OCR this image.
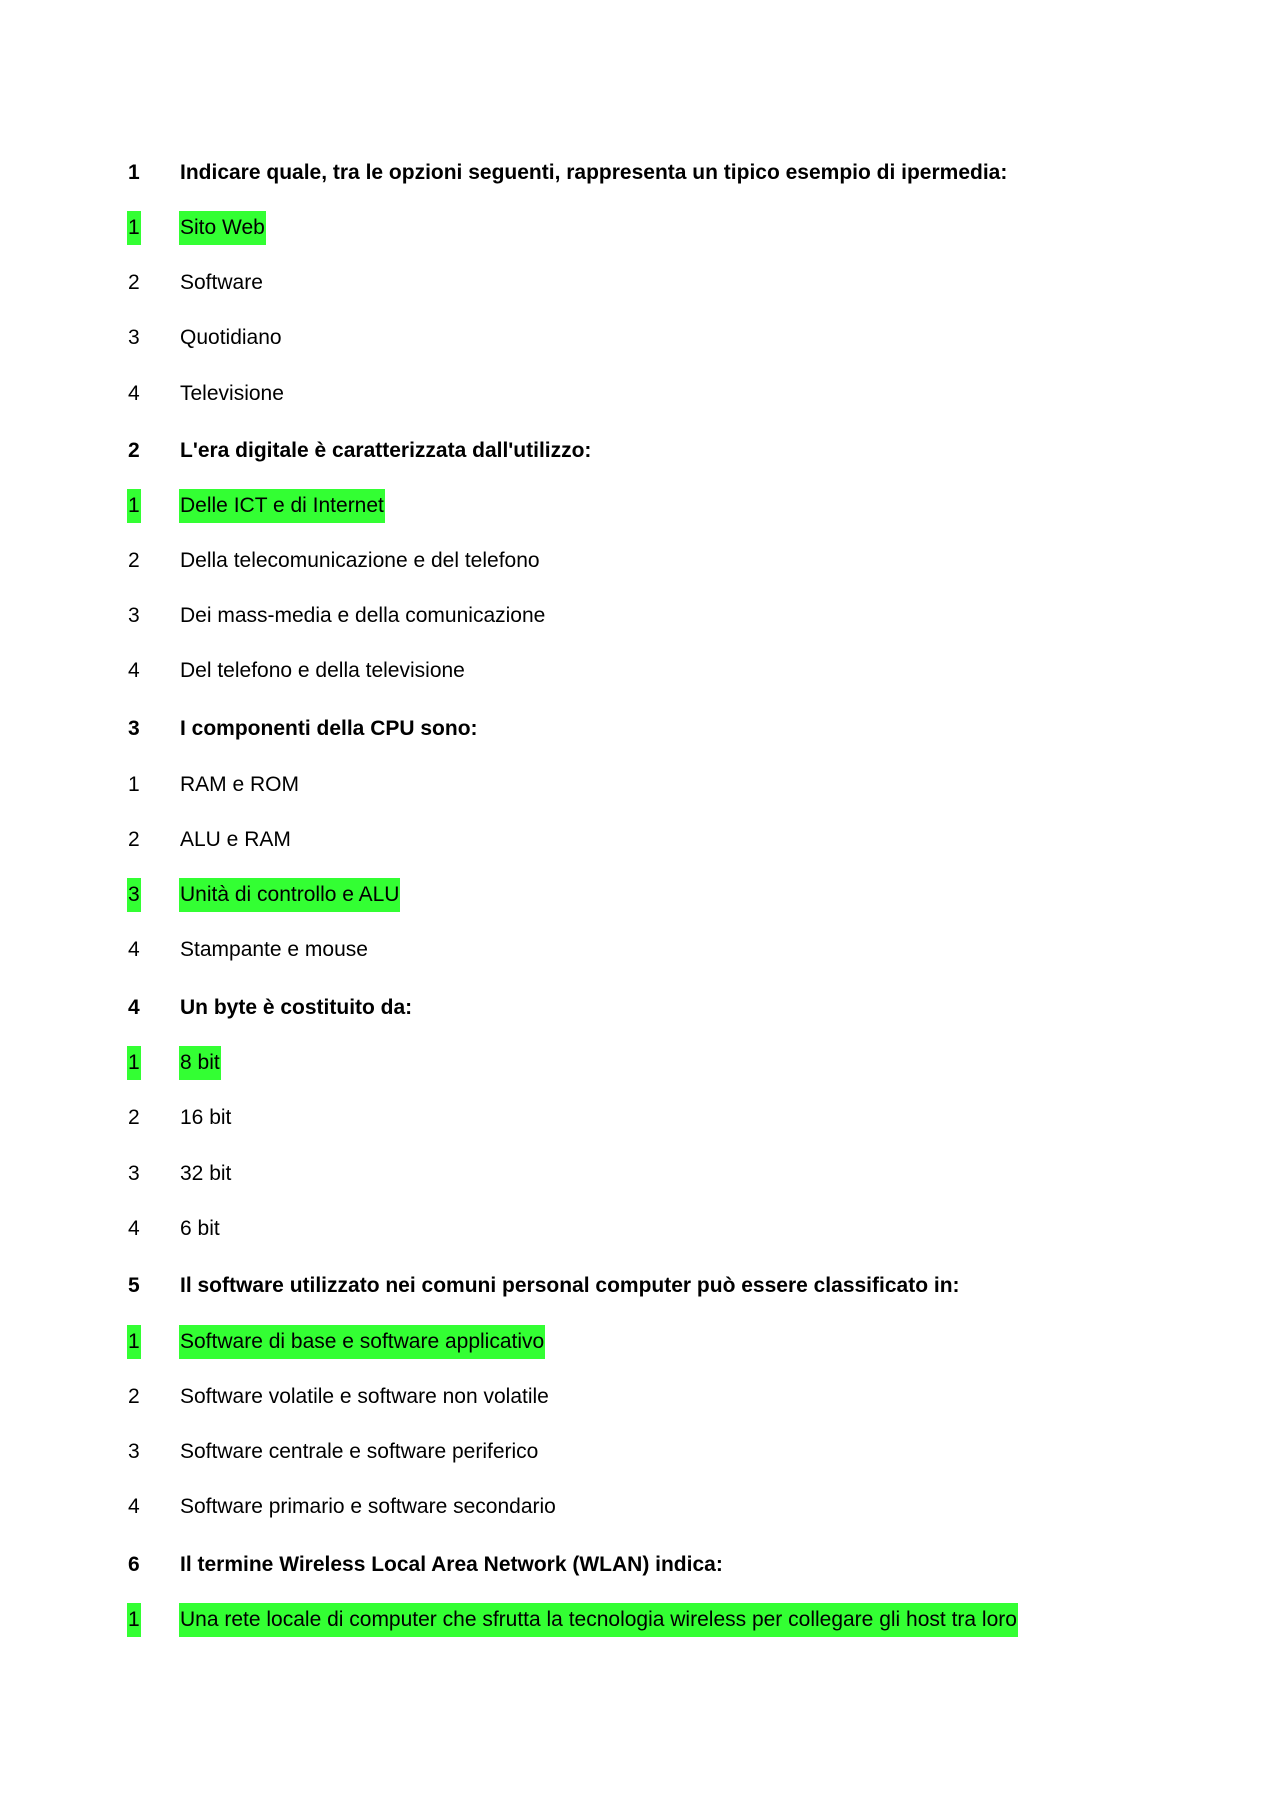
1 Indicare quale, tra le opzioni seguenti, rappresenta un tipico esempio di ipermedia:
1 Sito Web
2 Software
3 Quotidiano
4 Televisione
2 L'era digitale è caratterizzata dall'utilizzo:
1 Delle ICT e di Internet
2 Della telecomunicazione e del telefono
3 Dei mass-media e della comunicazione
4 Del telefono e della televisione
3 I componenti della CPU sono:
1 RAM e ROM
2 ALU e RAM
3 Unità di controllo e ALU
4 Stampante e mouse
4 Un byte è costituito da:
1 8 bit
2 16 bit
3 32 bit
4 6 bit
5 Il software utilizzato nei comuni personal computer può essere classificato in:
1 Software di base e software applicativo
2 Software volatile e software non volatile
3 Software centrale e software periferico
4 Software primario e software secondario
6 Il termine Wireless Local Area Network (WLAN) indica:
1 Una rete locale di computer che sfrutta la tecnologia wireless per collegare gli host tra loro
